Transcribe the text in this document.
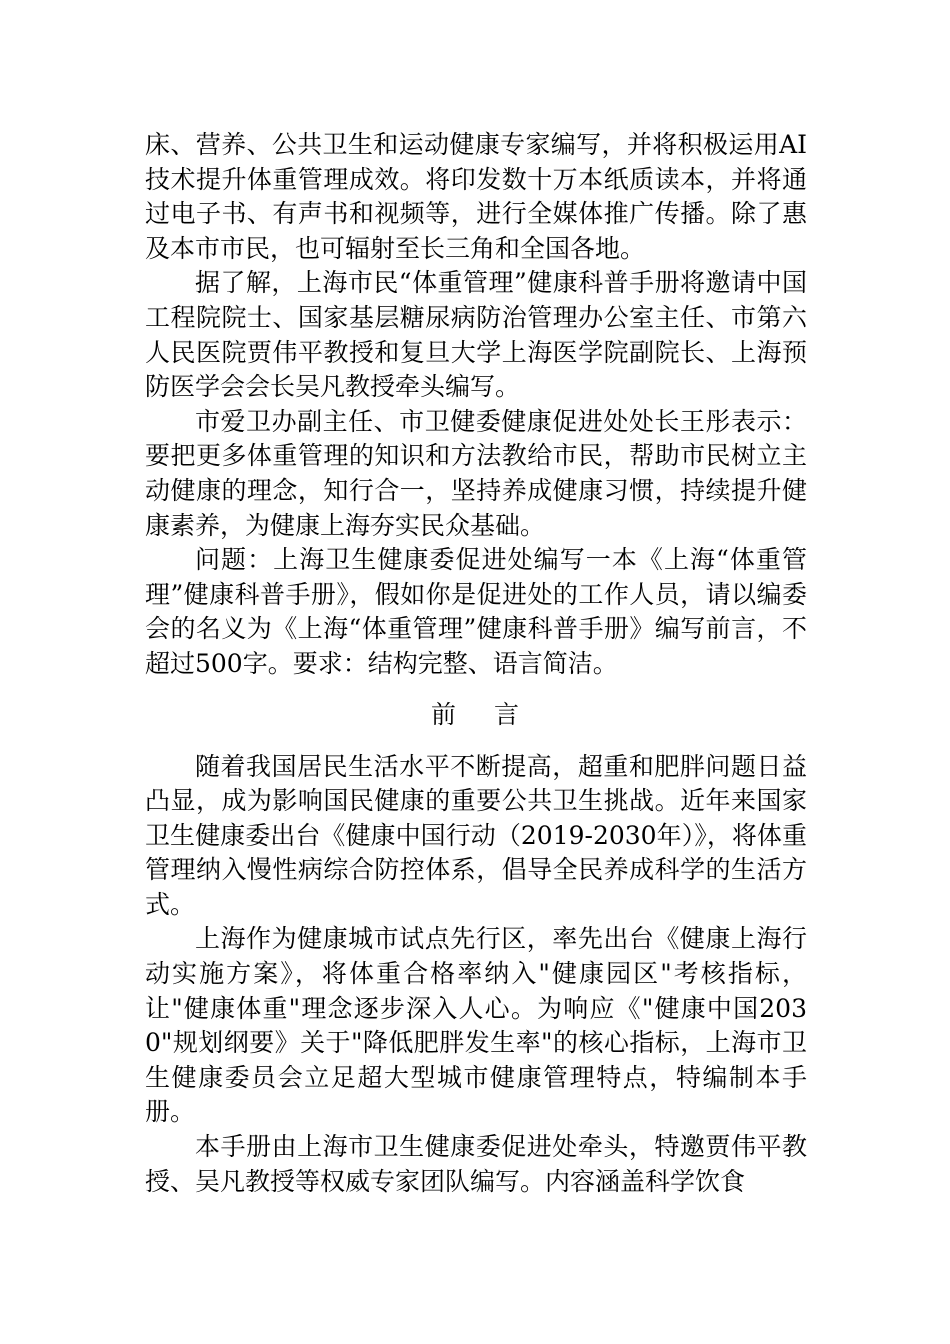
床、营养、公共卫生和运动健康专家编写，并将积极运用AI技术提升体重管理成效。将印发数十万本纸质读本，并将通过电子书、有声书和视频等，进行全媒体推广传播。除了惠及本市市民，也可辐射至长三角和全国各地。

据了解，上海市民“体重管理”健康科普手册将邀请中国工程院院士、国家基层糖尿病防治管理办公室主任、市第六人民医院贾伟平教授和复旦大学上海医学院副院长、上海预防医学会会长吴凡教授牵头编写。

市爱卫办副主任、市卫健委健康促进处处长王彤表示：要把更多体重管理的知识和方法教给市民，帮助市民树立主动健康的理念，知行合一，坚持养成健康习惯，持续提升健康素养，为健康上海夯实民众基础。

问题：上海卫生健康委促进处编写一本《上海“体重管理”健康科普手册》，假如你是促进处的工作人员，请以编委会的名义为《上海“体重管理”健康科普手册》编写前言，不超过500字。要求：结构完整、语言简洁。

前 言

随着我国居民生活水平不断提高，超重和肥胖问题日益凸显，成为影响国民健康的重要公共卫生挑战。近年来国家卫生健康委出台《健康中国行动（2019-2030年）》，将体重管理纳入慢性病综合防控体系，倡导全民养成科学的生活方式。

上海作为健康城市试点先行区，率先出台《健康上海行动实施方案》，将体重合格率纳入"健康园区"考核指标，让"健康体重"理念逐步深入人心。为响应《"健康中国2030"规划纲要》关于"降低肥胖发生率"的核心指标，上海市卫生健康委员会立足超大型城市健康管理特点，特编制本手册。

本手册由上海市卫生健康委促进处牵头，特邀贾伟平教授、吴凡教授等权威专家团队编写。内容涵盖科学饮食
